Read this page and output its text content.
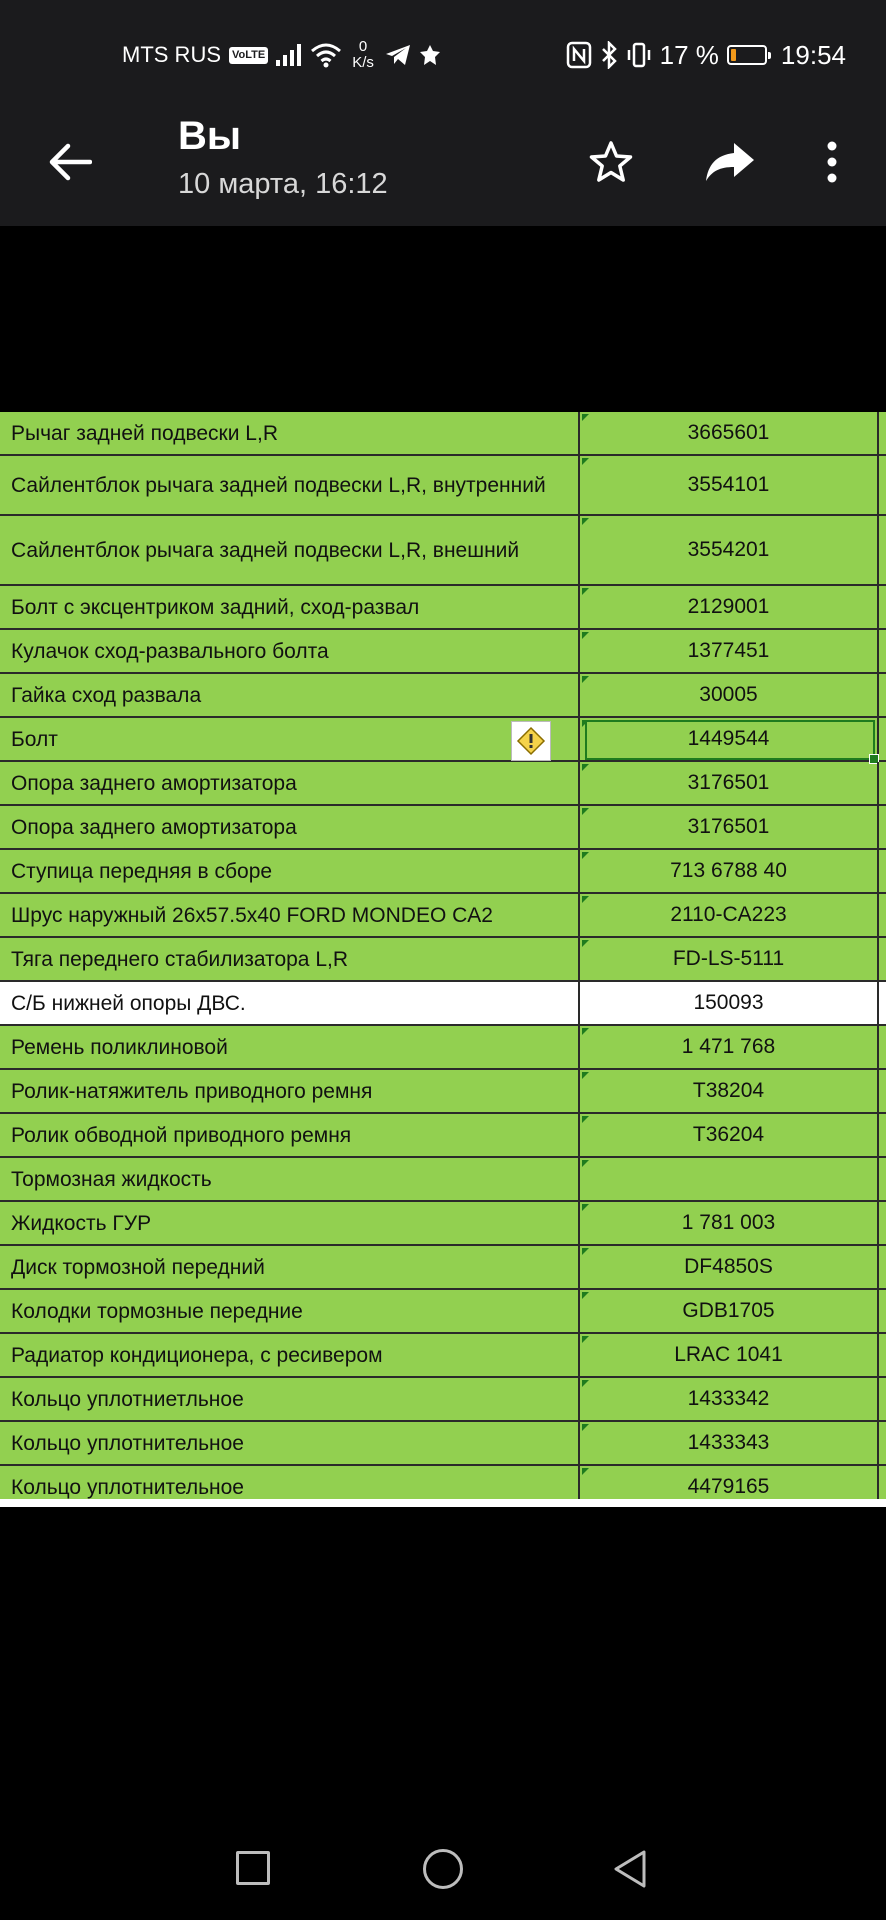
MTS RUS VoLTE	0
K/s	17 % 19:54
Вы
10 марта, 16:12
Рычаг задней подвески L,R	3665601
Сайлентблок рычага задней подвески L,R, внутренний	3554101
Сайлентблок рычага задней подвески L,R, внешний	3554201
Болт с эксцентриком задний, сход-развал	2129001
Кулачок сход-развального болта	1377451
Гайка сход развала	30005
Болт	1449544
Опора заднего амортизатора	3176501
Опора заднего амортизатора	3176501
Ступица передняя в сборе	713 6788 40
Шрус наружный 26x57.5x40 FORD MONDEO CA2	2110-CA223
Тяга переднего стабилизатора L,R	FD-LS-5111
С/Б нижней опоры ДВС.	150093
Ремень поликлиновой	1 471 768
Ролик-натяжитель приводного ремня	T38204
Ролик обводной приводного ремня	T36204
Тормозная жидкость
Жидкость ГУР	1 781 003
Диск тормозной передний	DF4850S
Колодки тормозные передние	GDB1705
Радиатор кондиционера, с ресивером	LRAC 1041
Кольцо уплотниетльное	1433342
Кольцо уплотнительное	1433343
Кольцо уплотнительное	4479165
